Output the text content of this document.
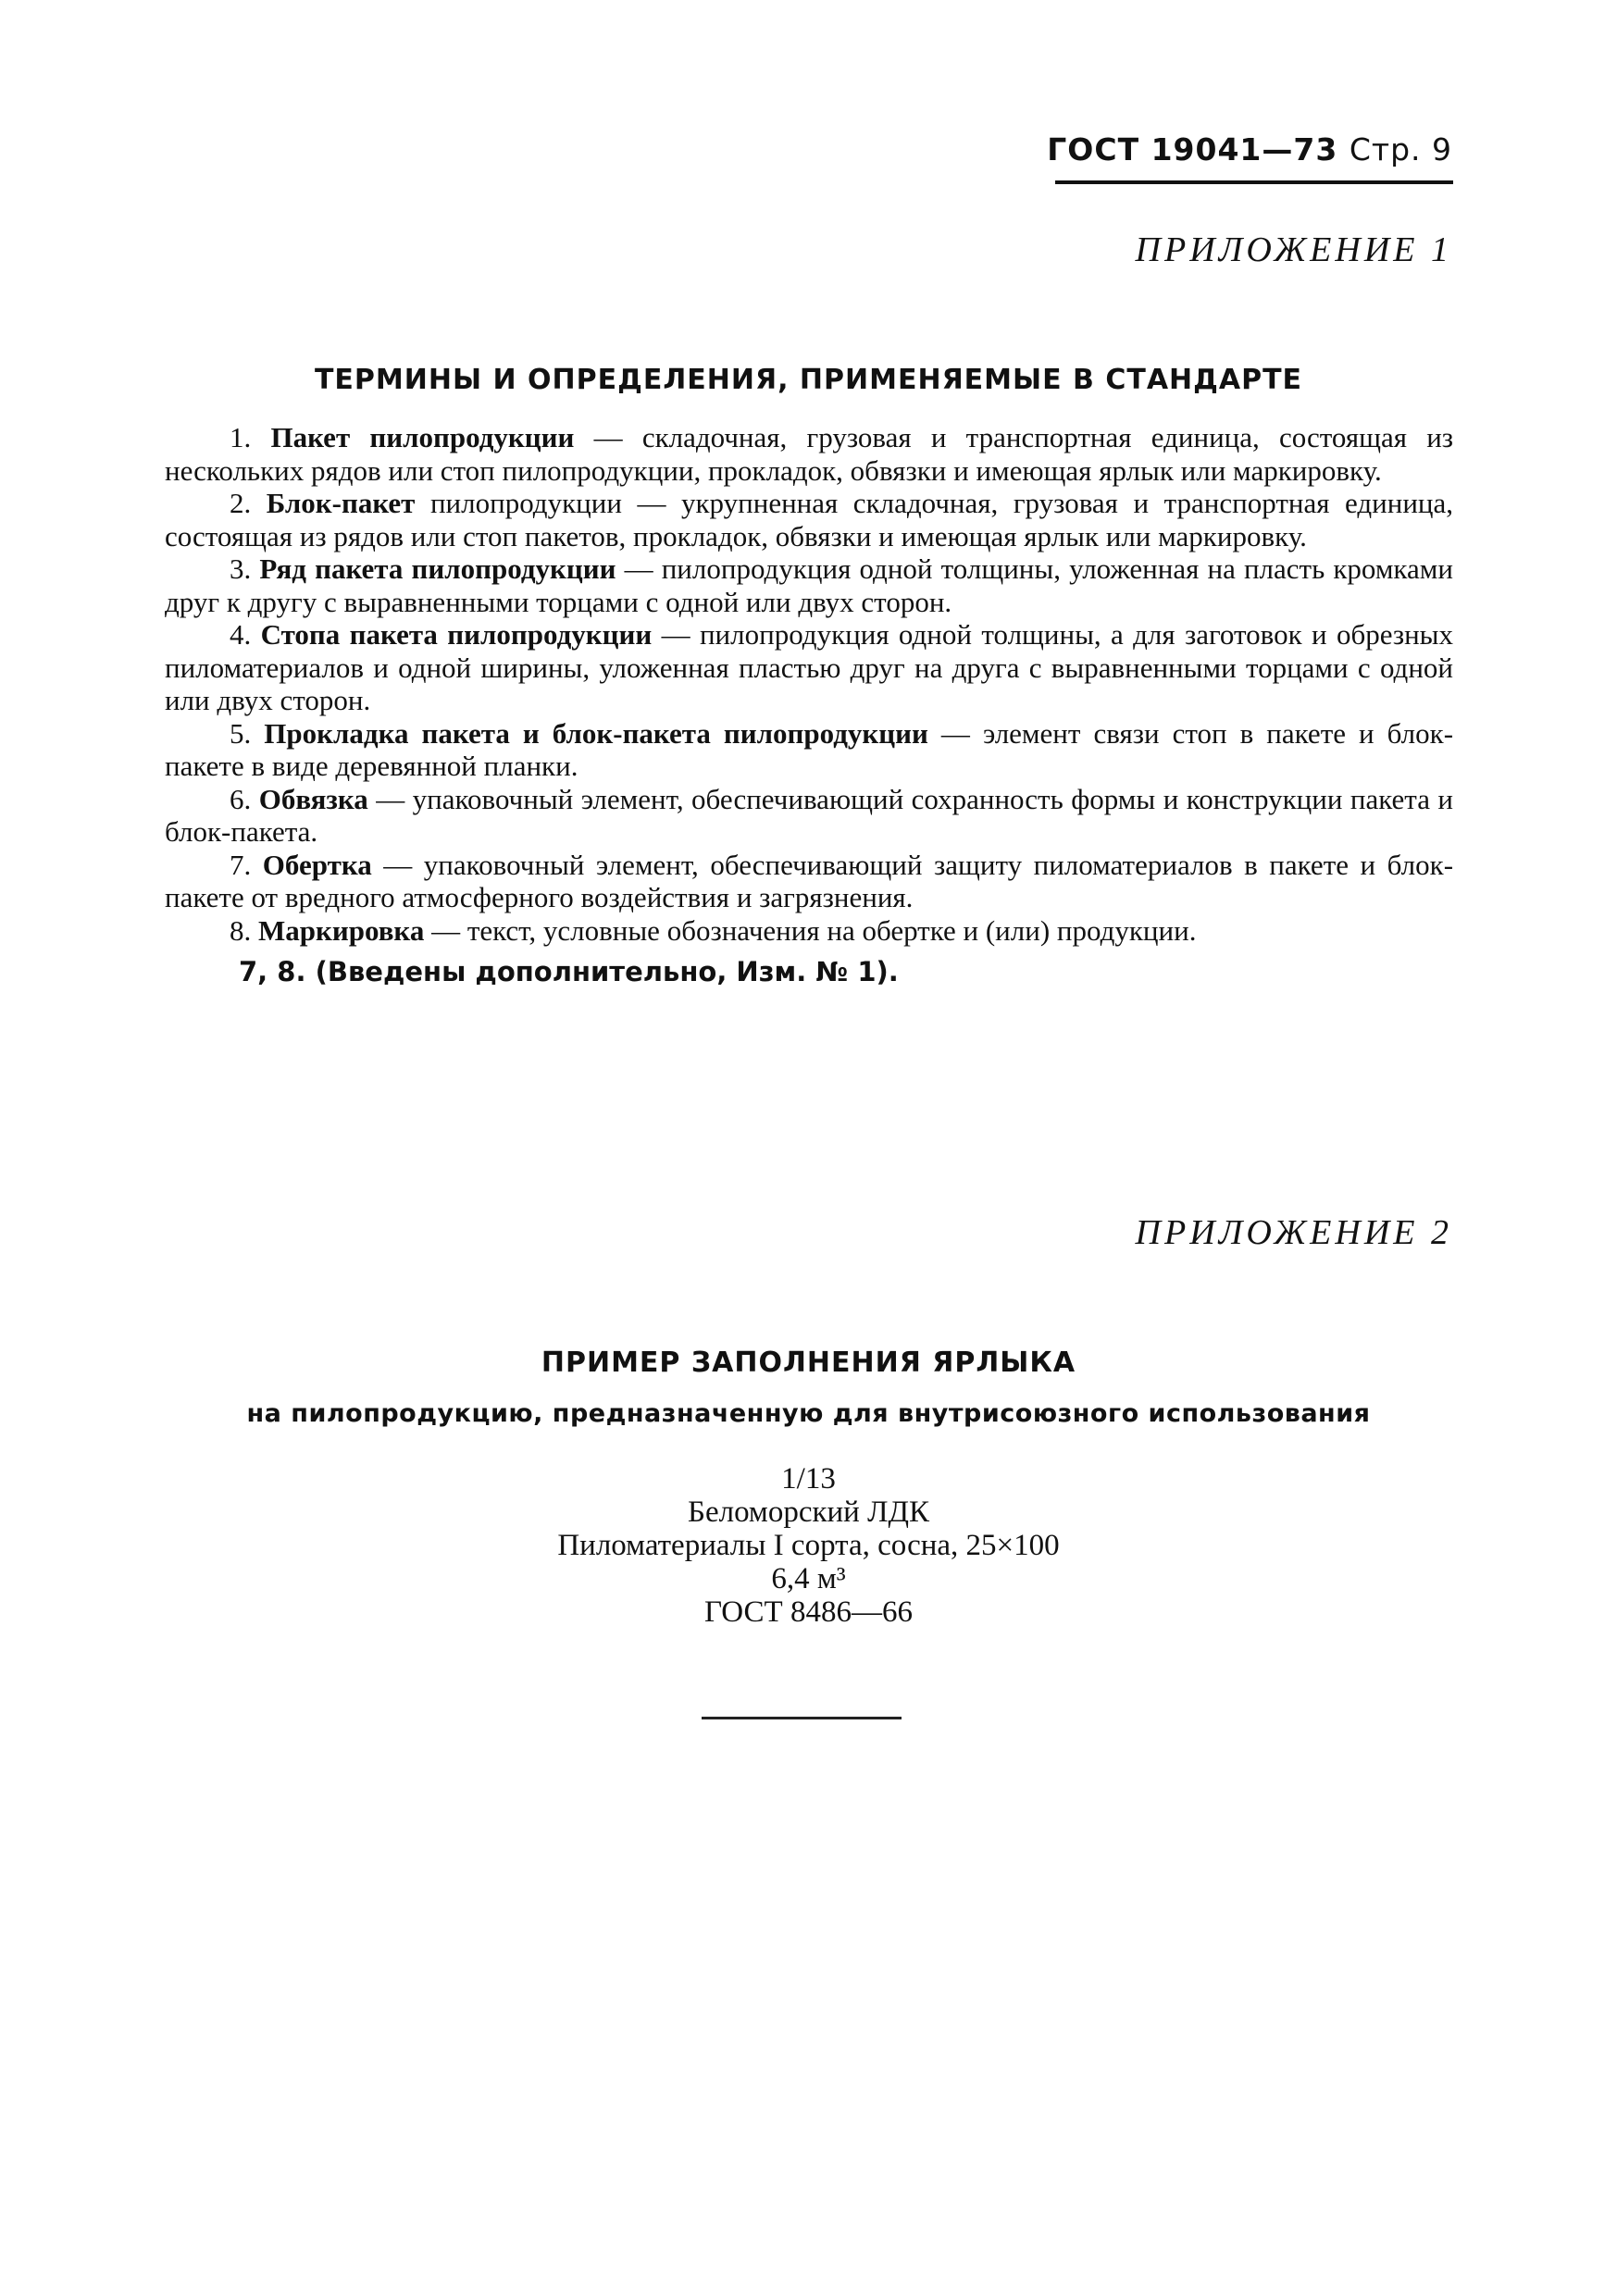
ГОСТ 19041—73 Стр. 9
ПРИЛОЖЕНИЕ 1
ТЕРМИНЫ И ОПРЕДЕЛЕНИЯ, ПРИМЕНЯЕМЫЕ В СТАНДАРТЕ

1. Пакет пилопродукции — складочная, грузовая и транспортная единица, состоящая из нескольких рядов или стоп пилопродукции, прокладок, обвязки и имеющая ярлык или маркировку.

2. Блок-пакет пилопродукции — укрупненная складочная, грузовая и транспортная единица, состоящая из рядов или стоп пакетов, прокладок, обвязки и имеющая ярлык или маркировку.

3. Ряд пакета пилопродукции — пилопродукция одной толщины, уложенная на пласть кромками друг к другу с выравненными торцами с одной или двух сторон.

4. Стопа пакета пилопродукции — пилопродукция одной толщины, а для заготовок и обрезных пиломатериалов и одной ширины, уложенная пластью друг на друга с выравненными торцами с одной или двух сторон.

5. Прокладка пакета и блок-пакета пилопродукции — элемент связи стоп в пакете и блок-пакете в виде деревянной планки.

6. Обвязка — упаковочный элемент, обеспечивающий сохранность формы и конструкции пакета и блок-пакета.

7. Обертка — упаковочный элемент, обеспечивающий защиту пиломатериалов в пакете и блок-пакете от вредного атмосферного воздействия и загрязнения.

8. Маркировка — текст, условные обозначения на обертке и (или) продукции.

7, 8. (Введены дополнительно, Изм. № 1).

ПРИЛОЖЕНИЕ 2
ПРИМЕР ЗАПОЛНЕНИЯ ЯРЛЫКА
на пилопродукцию, предназначенную для внутрисоюзного использования
1/13
Беломорский ЛДК
Пиломатериалы I сорта, сосна, 25×100
6,4 м³
ГОСТ 8486—66
